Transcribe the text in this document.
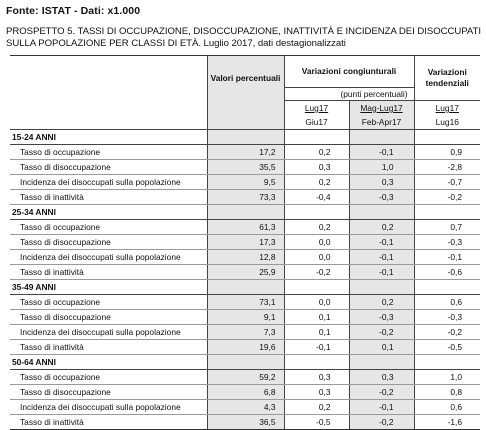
Fonte: ISTAT - Dati: x1.000
PROSPETTO 5. TASSI DI OCCUPAZIONE, DISOCCUPAZIONE, INATTIVITÀ E INCIDENZA DEI DISOCCUPATI
SULLA POPOLAZIONE PER CLASSI DI ETÀ. Luglio 2017, dati destagionalizzati
	Valori percentuali	Variazioni congiunturali		Variazioni tendenziali
		(punti percentuali)		
		Lug17	Mag-Lug17	Lug17
		Giu17	Feb-Apr17	Lug16
15-24 ANNI				
Tasso di occupazione	17,2	0,2	-0,1	0,9
Tasso di disoccupazione	35,5	0,3	1,0	-2,8
Incidenza dei disoccupati sulla popolazione	9,5	0,2	0,3	-0,7
Tasso di inattività	73,3	-0,4	-0,3	-0,2
25-34 ANNI				
Tasso di occupazione	61,3	0,2	0,2	0,7
Tasso di disoccupazione	17,3	0,0	-0,1	-0,3
Incidenza dei disoccupati sulla popolazione	12,8	0,0	-0,1	-0,1
Tasso di inattività	25,9	-0,2	-0,1	-0,6
35-49 ANNI				
Tasso di occupazione	73,1	0,0	0,2	0,6
Tasso di disoccupazione	9,1	0,1	-0,3	-0,3
Incidenza dei disoccupati sulla popolazione	7,3	0,1	-0,2	-0,2
Tasso di inattività	19,6	-0,1	0,1	-0,5
50-64 ANNI				
Tasso di occupazione	59,2	0,3	0,3	1,0
Tasso di disoccupazione	6,8	0,3	-0,2	0,8
Incidenza dei disoccupati sulla popolazione	4,3	0,2	-0,1	0,6
Tasso di inattività	36,5	-0,5	-0,2	-1,6
